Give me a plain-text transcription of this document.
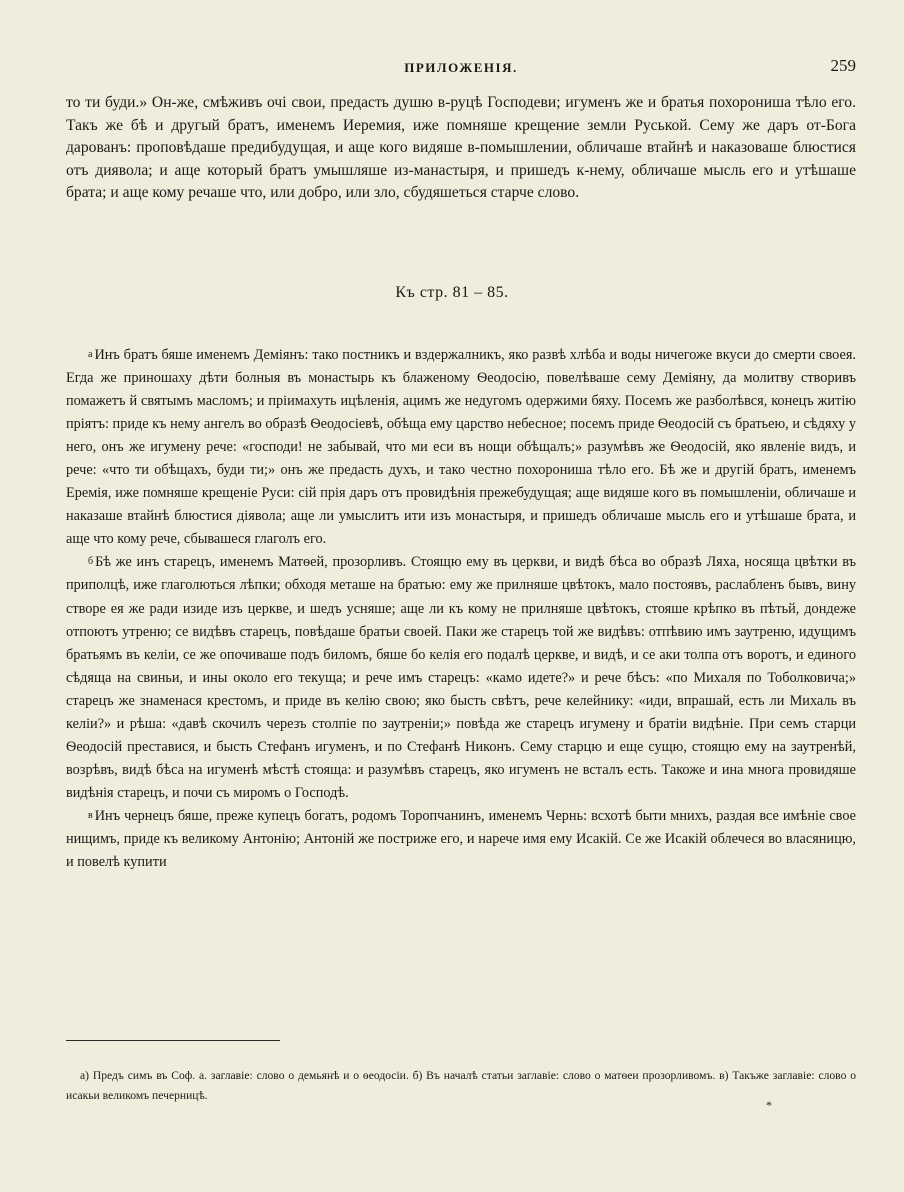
ПРИЛОЖЕНІЯ.	259
то ти буди.» Он-же, смѣживъ очі свои, предасть душю в-руцѣ Господеви; игуменъ же и братья похорониша тѣло его. Такъ же бѣ и другый братъ, именемъ Иеремия, иже помняше крещение земли Руськой. Сему же даръ от-Бога дарованъ: проповѣдаше предибудущая, и аще кого видяше в-помышлении, обличаше втайнѣ и наказоваше блюстися отъ диявола; и аще который братъ умышляше из-манастыря, и пришедъ к-нему, обличаше мысль его и утѣшаше брата; и аще кому речаше что, или добро, или зло, сбудяшеться старче слово.
Къ стр. 81 – 85.

$^а$ Инъ братъ бяше именемъ Деміянъ: тако постникъ и вздержалникъ, яко развѣ хлѣба и воды ничегоже вкуси до смерти своея. Егда же приношаху дѣти болныя въ монастырь къ блаженому Ѳеодосію, повелѣваше сему Деміяну, да молитву створивъ помажетъ й святымъ масломъ; и пріимахуть ицѣленія, ацимъ же недугомъ одержими бяху. Посемъ же разболѣвся, конецъ житію пріятъ: приде къ нему ангелъ во образѣ Ѳеодосіевѣ, обѣща ему царство небесное; посемъ приде Ѳеодосій съ братьею, и сѣдяху у него, онъ же игумену рече: «господи! не забывай, что ми еси въ нощи обѣщалъ;» разумѣвъ же Ѳеодосій, яко явленіе видъ, и рече: «что ти обѣщахъ, буди ти;» онъ же предасть духъ, и тако честно похорониша тѣло его. Бѣ же и другій братъ, именемъ Еремія, иже помняше крещеніе Руси: сій прія даръ отъ провидѣнія прежебудущая; аще видяше кого въ помышленіи, обличаше и наказаше втайнѣ блюстися діявола; аще ли умыслитъ ити изъ монастыря, и пришедъ обличаше мысль его и утѣшаше брата, и аще что кому рече, сбывашеся глаголъ его.

$^б$ Бѣ же инъ старецъ, именемъ Матѳей, прозорливъ. Стоящю ему въ церкви, и видѣ бѣса во образѣ Ляха, носяща цвѣтки въ приполцѣ, иже глаголються лѣпки; обходя меташе на братью: ему же прилняше цвѣтокъ, мало постоявъ, раслабленъ бывъ, вину створе ея же ради изиде изъ церкве, и шедъ усняше; аще ли къ кому не прилняше цвѣтокъ, стояше крѣпко въ пѣтьй, дондеже отпоютъ утреню; се видѣвъ старецъ, повѣдаше братьи своей. Паки же старецъ той же видѣвъ: отпѣвию имъ заутреню, идущимъ братьямъ въ келіи, се же опочиваше подъ биломъ, бяше бо келія его подалѣ церкве, и видѣ, и се аки толпа отъ воротъ, и единого сѣдяща на свиньи, и ины около его текуща; и рече имъ старецъ: «камо идете?» и рече бѣсъ: «по Михаля по Тоболковича;» старецъ же знаменася крестомъ, и приде въ келію свою; яко бысть свѣтъ, рече келейнику: «иди, впрашай, есть ли Михаль въ келіи?» и рѣша: «давѣ скочилъ черезъ столпіе по заутреніи;» повѣда же старецъ игумену и братіи видѣніе. При семъ старци Ѳеодосій преставися, и бысть Стефанъ игуменъ, и по Стефанѣ Никонъ. Сему старцю и еще сущю, стоящю ему на заутренѣй, возрѣвъ, видѣ бѣса на игуменѣ мѣстѣ стояща: и разумѣвъ старецъ, яко игуменъ не всталъ есть. Такоже и ина многа провидяше видѣнія старецъ, и почи съ миромъ о Господѣ.

$^в$ Инъ чернецъ бяше, преже купецъ богатъ, родомъ Торопчанинъ, именемъ Чернь: всхотѣ быти мнихъ, раздая все имѣніе свое нищимъ, приде къ великому Антонію; Антоній же постриже его, и нарече имя ему Исакій. Се же Исакій облечеся во власяницю, и повелѣ купити

а) Предъ симъ въ Соф. а. заглавіе: слово о демьянѣ и о ѳеодосіи. б) Въ началѣ статьи заглавіе: слово о матѳеи прозорливомъ. в) Такъже заглавіе: слово о исакьи великомъ печерницѣ.

*
